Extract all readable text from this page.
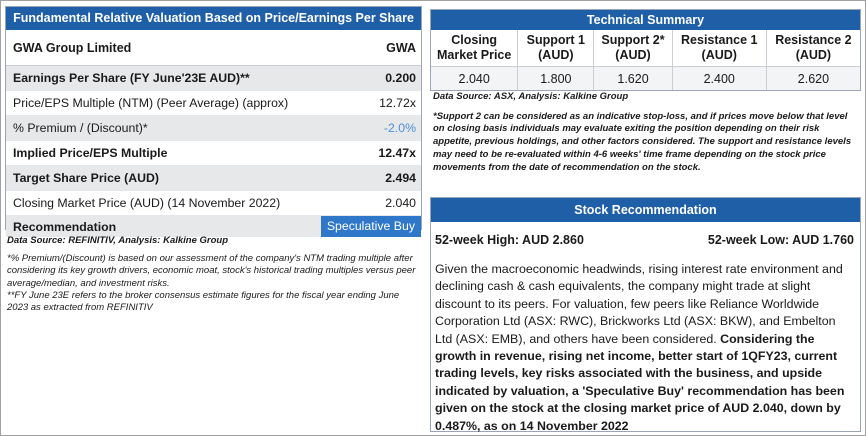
Fundamental Relative Valuation Based on Price/Earnings Per Share
GWA Group Limited	GWA
Earnings Per Share (FY June'23E AUD)**	0.200
Price/EPS Multiple (NTM) (Peer Average) (approx)	12.72x
% Premium / (Discount)*	-2.0%
Implied Price/EPS Multiple	12.47x
Target Share Price (AUD)	2.494
Closing Market Price (AUD) (14 November 2022)	2.040
Recommendation	Speculative Buy

Data Source: REFINITIV, Analysis: Kalkine Group

*% Premium/(Discount) is based on our assessment of the company's NTM trading multiple after considering its key growth drivers, economic moat, stock's historical trading multiples versus peer average/median, and investment risks.

**FY June 23E refers to the broker consensus estimate figures for the fiscal year ending June 2023 as extracted from REFINITIV

Technical Summary
Closing Market Price	Support 1 (AUD)	Support 2* (AUD)	Resistance 1 (AUD)	Resistance 2 (AUD)
2.040	1.800	1.620	2.400	2.620
Data Source: ASX, Analysis: Kalkine Group
*Support 2 can be considered as an indicative stop-loss, and if prices move below that level on closing basis individuals may evaluate exiting the position depending on their risk appetite, previous holdings, and other factors considered. The support and resistance levels may need to be re-evaluated within 4-6 weeks' time frame depending on the stock price movements from the date of recommendation on the stock.
Stock Recommendation
52-week High: AUD 2.860	52-week Low: AUD 1.760
Given the macroeconomic headwinds, rising interest rate environment and declining cash & cash equivalents, the company might trade at slight discount to its peers. For valuation, few peers like Reliance Worldwide Corporation Ltd (ASX: RWC), Brickworks Ltd (ASX: BKW), and Embelton Ltd (ASX: EMB), and others have been considered. Considering the growth in revenue, rising net income, better start of 1QFY23, current trading levels, key risks associated with the business, and upside indicated by valuation, a 'Speculative Buy' recommendation has been given on the stock at the closing market price of AUD 2.040, down by 0.487%, as on 14 November 2022
